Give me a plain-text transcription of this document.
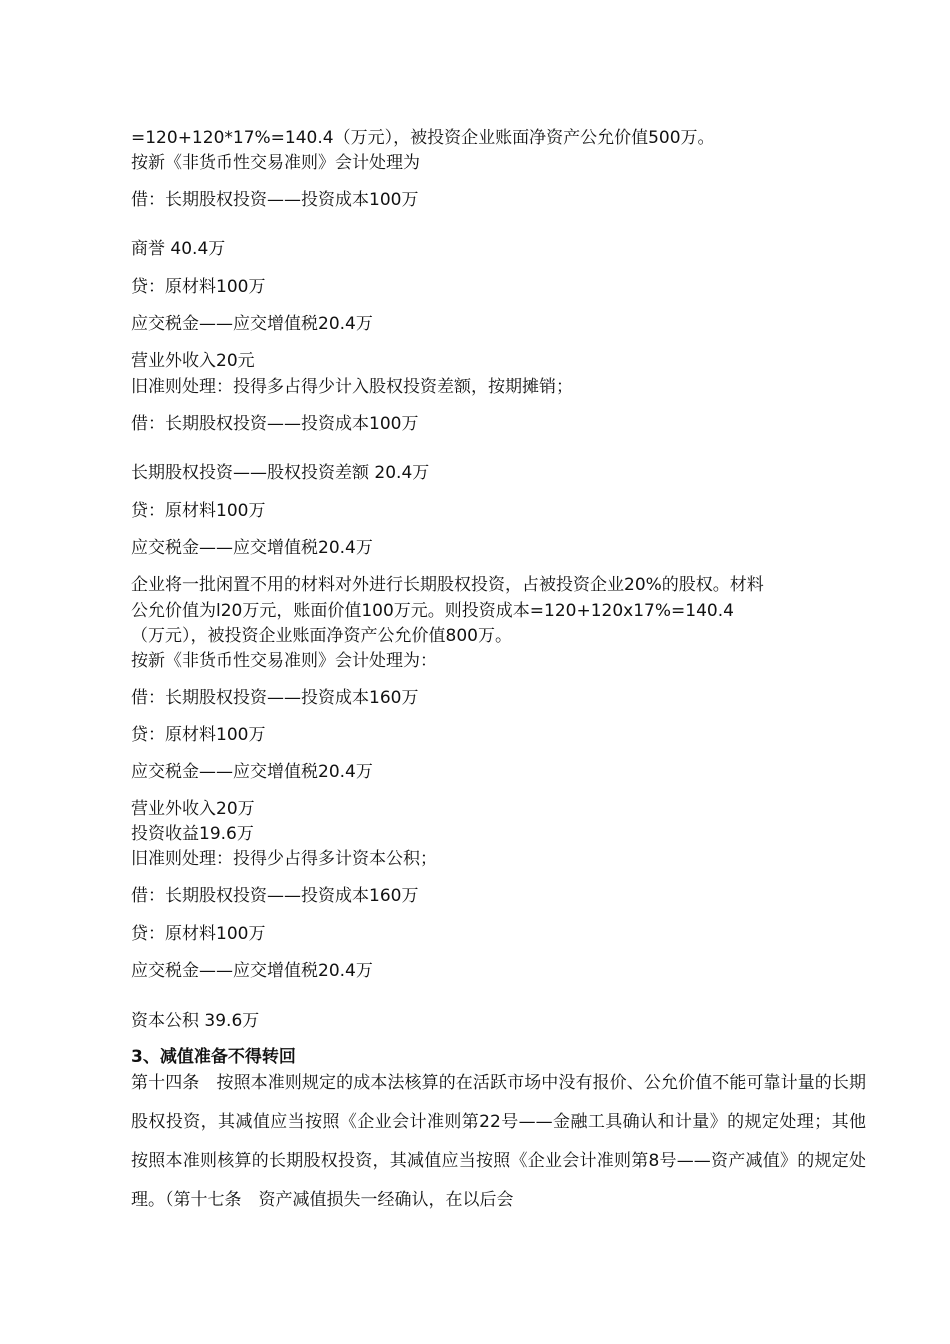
=120+120*17%=140.4（万元），被投资企业账面净资产公允价值500万。
按新《非货币性交易准则》会计处理为
借：长期股权投资——投资成本100万
商誉 40.4万
贷：原材料100万
应交税金——应交增值税20.4万
营业外收入20元
旧准则处理：投得多占得少计入股权投资差额，按期摊销；
借：长期股权投资——投资成本100万
长期股权投资——股权投资差额 20.4万
贷：原材料100万
应交税金——应交增值税20.4万
企业将一批闲置不用的材料对外进行长期股权投资，占被投资企业20%的股权。材料
公允价值为l20万元，账面价值100万元。则投资成本=120+120x17%=140.4
（万元），被投资企业账面净资产公允价值800万。
按新《非货币性交易准则》会计处理为：
借：长期股权投资——投资成本160万
贷：原材料100万
应交税金——应交增值税20.4万
营业外收入20万
投资收益19.6万
旧准则处理：投得少占得多计资本公积；
借：长期股权投资——投资成本160万
贷：原材料100万
应交税金——应交增值税20.4万
资本公积 39.6万
3、减值准备不得转回
第十四条　按照本准则规定的成本法核算的在活跃市场中没有报价、公允价值不能可靠计量的长期股权投资，其减值应当按照《企业会计准则第22号——金融工具确认和计量》的规定处理；其他按照本准则核算的长期股权投资，其减值应当按照《企业会计准则第8号——资产减值》的规定处理。（第十七条　资产减值损失一经确认，在以后会
